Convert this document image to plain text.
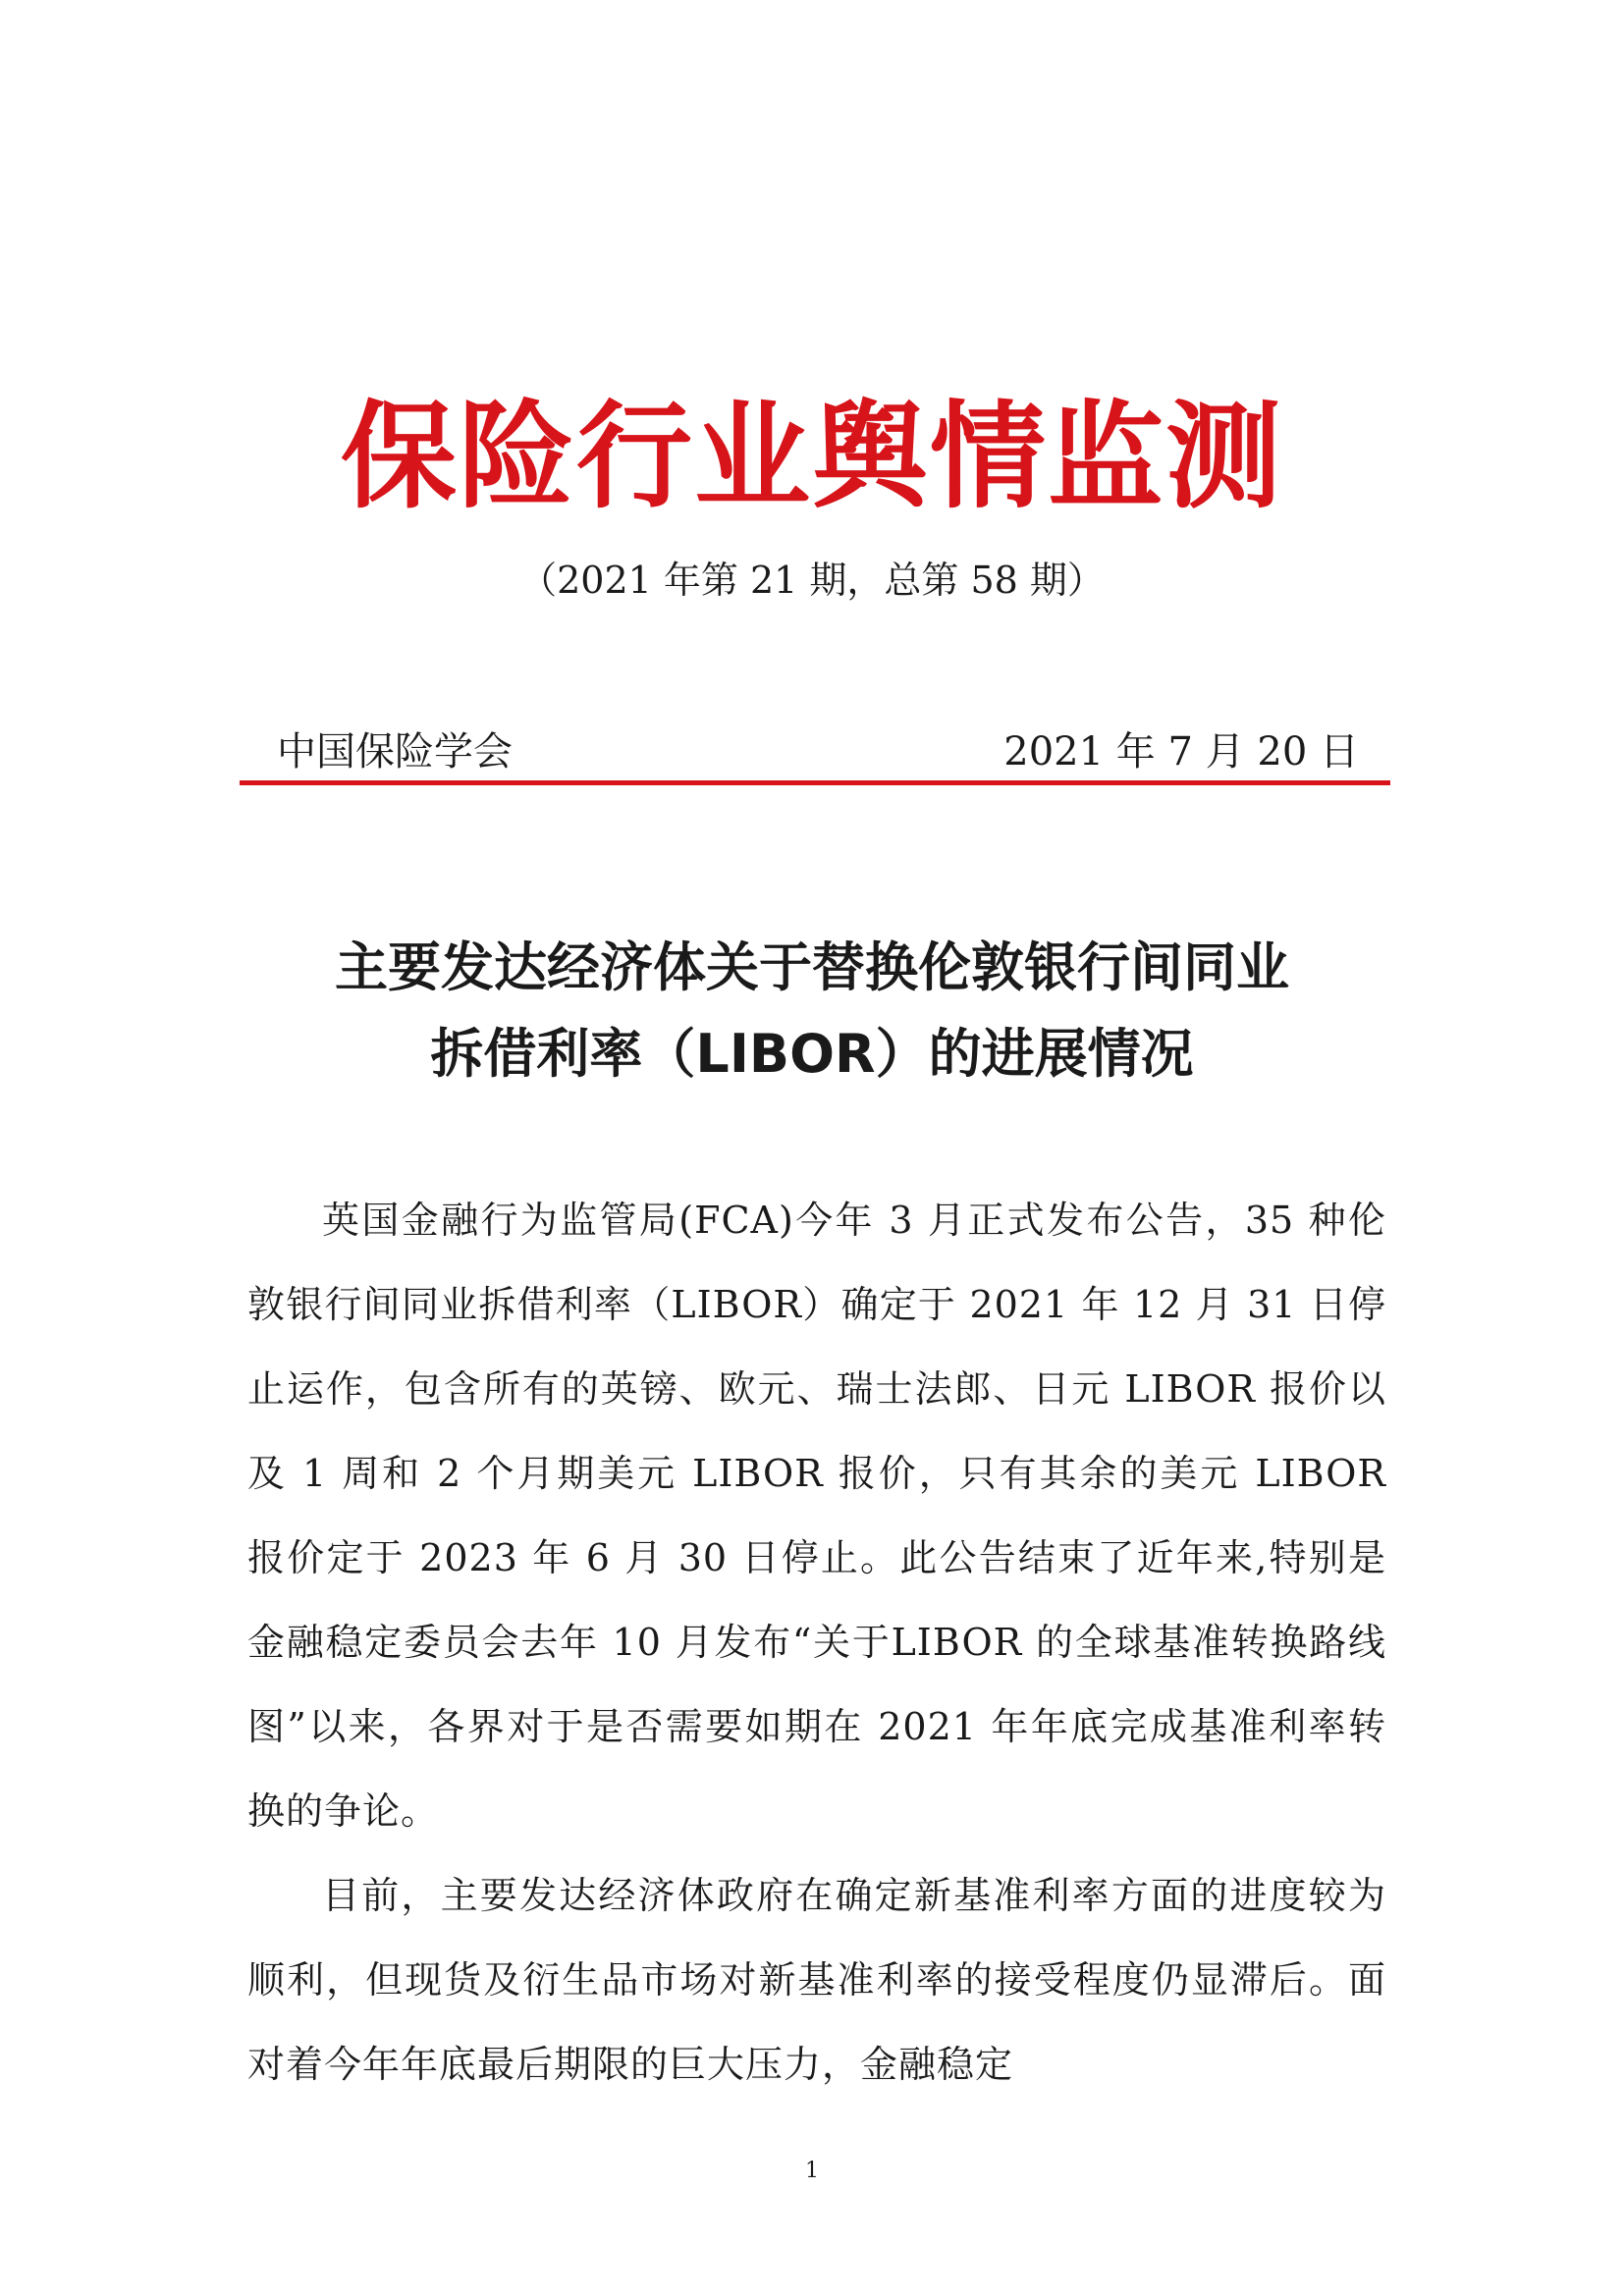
保险行业舆情监测
（2021 年第 21 期，总第 58 期）
中国保险学会	2021 年 7 月 20 日
主要发达经济体关于替换伦敦银行间同业
拆借利率（LIBOR）的进展情况

英国金融行为监管局(FCA)今年 3 月正式发布公告，35 种伦敦银行间同业拆借利率（LIBOR）确定于 2021 年 12 月 31 日停止运作，包含所有的英镑、欧元、瑞士法郎、日元 LIBOR 报价以及 1 周和 2 个月期美元 LIBOR 报价，只有其余的美元 LIBOR 报价定于 2023 年 6 月 30 日停止。此公告结束了近年来,特别是金融稳定委员会去年 10 月发布“关于LIBOR 的全球基准转换路线图”以来，各界对于是否需要如期在 2021 年年底完成基准利率转换的争论。

目前，主要发达经济体政府在确定新基准利率方面的进度较为顺利，但现货及衍生品市场对新基准利率的接受程度仍显滞后。面对着今年年底最后期限的巨大压力，金融稳定

1
